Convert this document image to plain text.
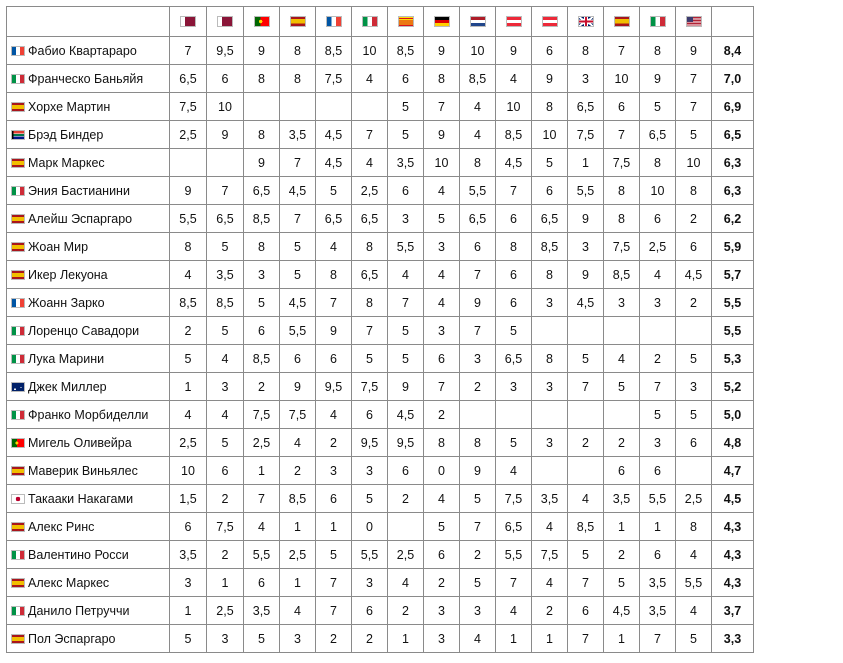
Фабио Квартараро	7	9,5	9	8	8,5	10	8,5	9	10	9	6	8	7	8	9	8,4
Франческо Баньяйя	6,5	6	8	8	7,5	4	6	8	8,5	4	9	3	10	9	7	7,0
Хорхе Мартин	7,5	10					5	7	4	10	8	6,5	6	5	7	6,9
Брэд Биндер	2,5	9	8	3,5	4,5	7	5	9	4	8,5	10	7,5	7	6,5	5	6,5
Марк Маркес			9	7	4,5	4	3,5	10	8	4,5	5	1	7,5	8	10	6,3
Эния Бастианини	9	7	6,5	4,5	5	2,5	6	4	5,5	7	6	5,5	8	10	8	6,3
Алейш Эспаргаро	5,5	6,5	8,5	7	6,5	6,5	3	5	6,5	6	6,5	9	8	6	2	6,2
Жоан Мир	8	5	8	5	4	8	5,5	3	6	8	8,5	3	7,5	2,5	6	5,9
Икер Лекуона	4	3,5	3	5	8	6,5	4	4	7	6	8	9	8,5	4	4,5	5,7
Жоанн Зарко	8,5	8,5	5	4,5	7	8	7	4	9	6	3	4,5	3	3	2	5,5
Лоренцо Савадори	2	5	6	5,5	9	7	5	3	7	5						5,5
Лука Марини	5	4	8,5	6	6	5	5	6	3	6,5	8	5	4	2	5	5,3
Джек Миллер	1	3	2	9	9,5	7,5	9	7	2	3	3	7	5	7	3	5,2
Франко Морбиделли	4	4	7,5	7,5	4	6	4,5	2						5	5	5,0
Мигель Оливейра	2,5	5	2,5	4	2	9,5	9,5	8	8	5	3	2	2	3	6	4,8
Маверик Виньялес	10	6	1	2	3	3	6	0	9	4			6	6		4,7
Такааки Накагами	1,5	2	7	8,5	6	5	2	4	5	7,5	3,5	4	3,5	5,5	2,5	4,5
Алекс Ринс	6	7,5	4	1	1	0		5	7	6,5	4	8,5	1	1	8	4,3
Валентино Росси	3,5	2	5,5	2,5	5	5,5	2,5	6	2	5,5	7,5	5	2	6	4	4,3
Алекс Маркес	3	1	6	1	7	3	4	2	5	7	4	7	5	3,5	5,5	4,3
Данило Петруччи	1	2,5	3,5	4	7	6	2	3	3	4	2	6	4,5	3,5	4	3,7
Пол Эспаргаро	5	3	5	3	2	2	1	3	4	1	1	7	1	7	5	3,3
